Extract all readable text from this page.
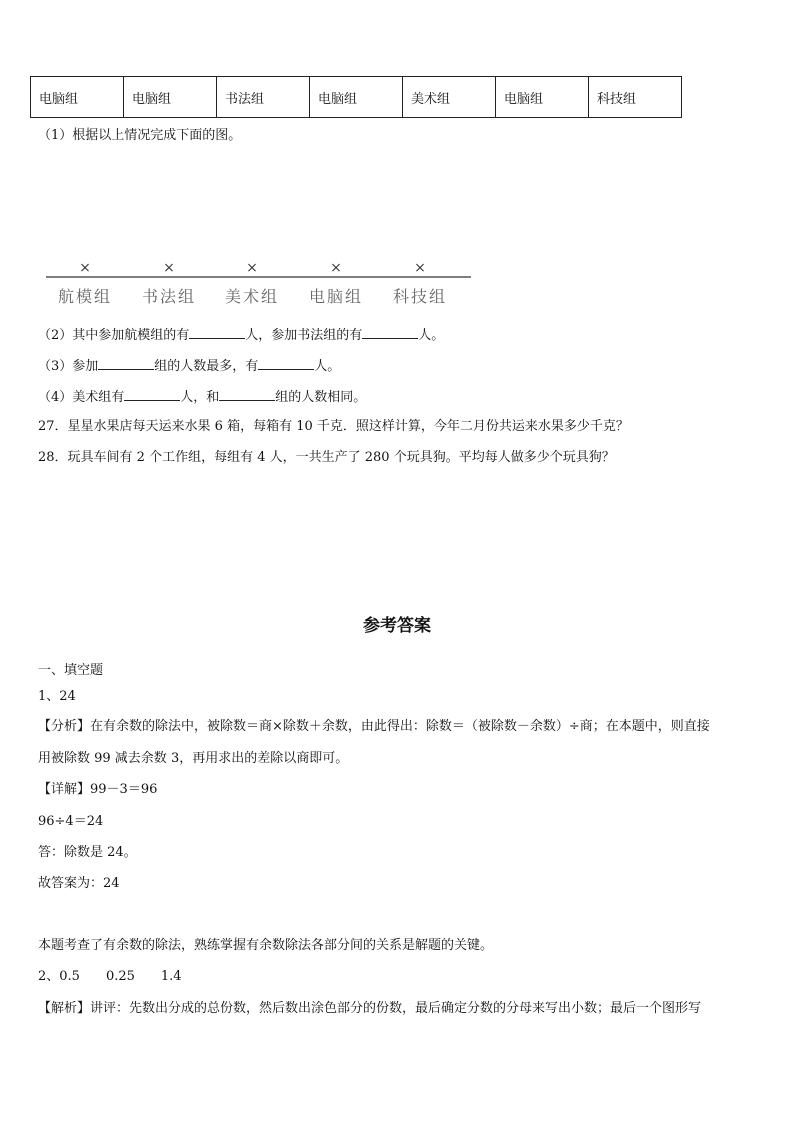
电脑组	电脑组	书法组	电脑组	美术组	电脑组	科技组
（1）根据以上情况完成下面的图。
×	×	×	×	×
航模组 书法组 美术组 电脑组 科技组
（2）其中参加航模组的有	人，参加书法组的有	人。
（3）参加	组的人数最多，有	人。
（4）美术组有	人，和	组的人数相同。
27．星星水果店每天运来水果 6 箱，每箱有 10 千克．照这样计算，今年二月份共运来水果多少千克？
28．玩具车间有 2 个工作组，每组有 4 人，一共生产了 280 个玩具狗。平均每人做多少个玩具狗？
参考答案
一、填空题
1、24
【分析】在有余数的除法中，被除数＝商×除数＋余数，由此得出：除数＝（被除数－余数）÷商；在本题中，则直接
用被除数 99 减去余数 3，再用求出的差除以商即可。
【详解】99－3＝96
96÷4＝24
答：除数是 24。
故答案为：24
本题考查了有余数的除法，熟练掌握有余数除法各部分间的关系是解题的关键。
2、0.5　　0.25　　1.4
【解析】讲评：先数出分成的总份数，然后数出涂色部分的份数，最后确定分数的分母来写出小数；最后一个图形写
